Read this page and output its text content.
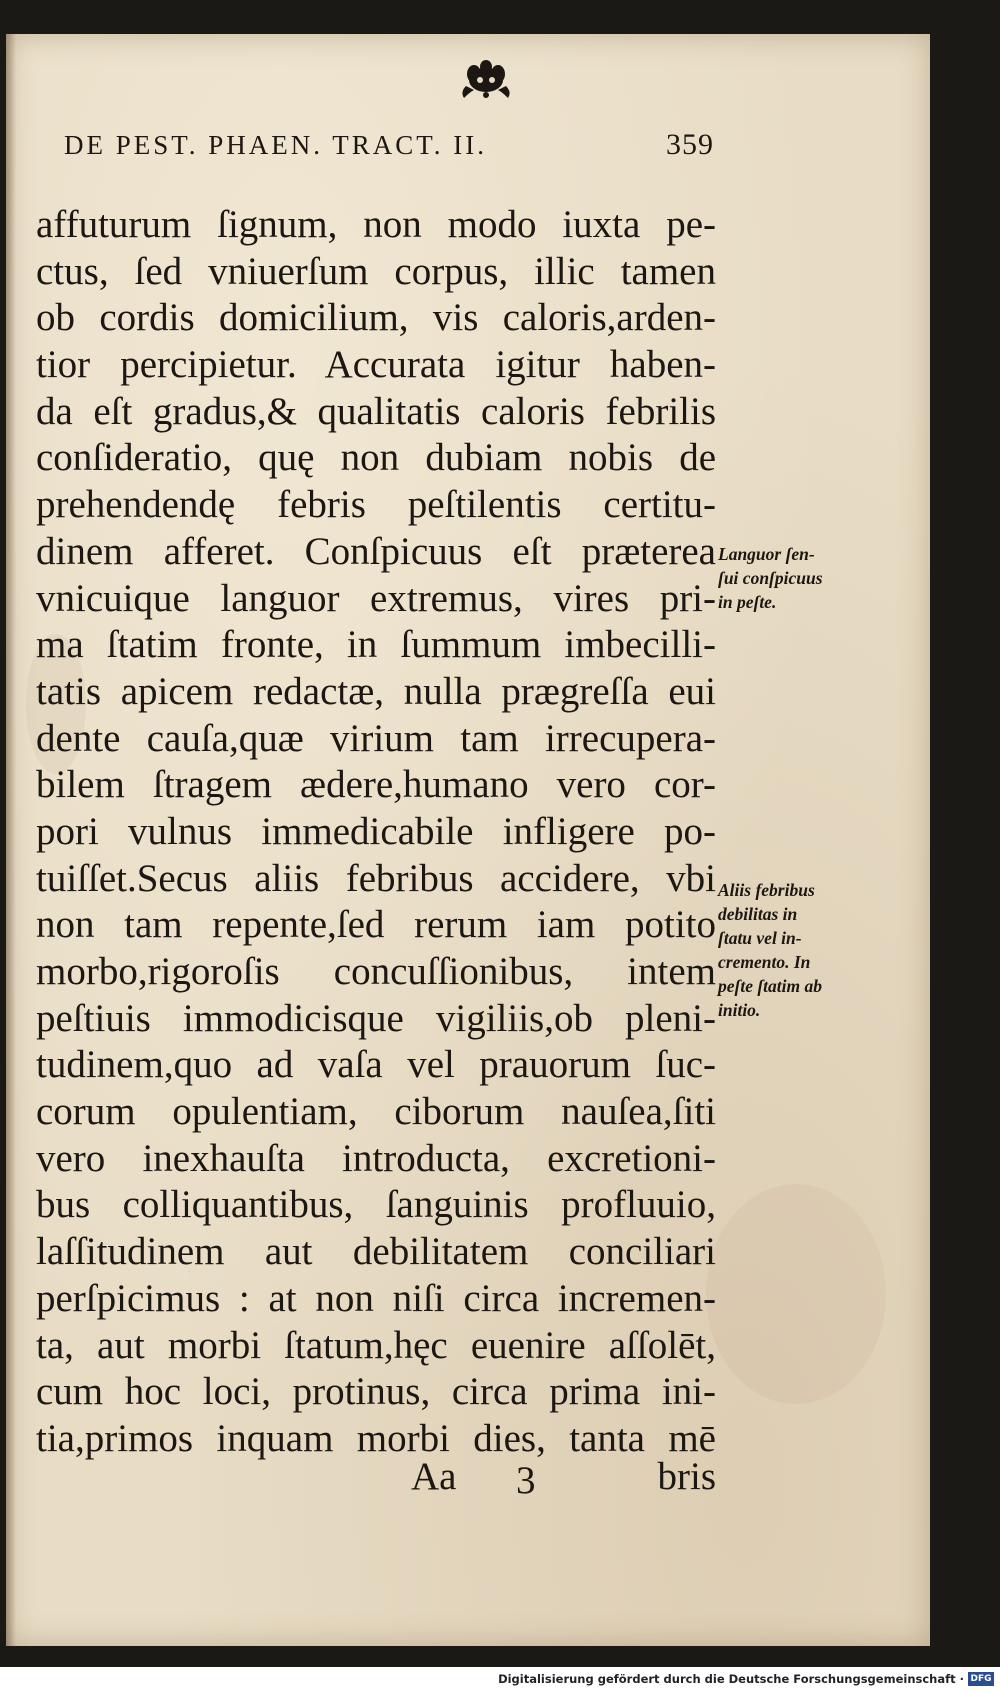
DE PEST. PHAEN. TRACT. II.	359
affuturum ſignum, non modo iuxta pe-
ctus, ſed vniuerſum corpus, illic tamen
ob cordis domicilium, vis caloris,arden-
tior percipietur. Accurata igitur haben-
da eſt gradus,& qualitatis caloris febrilis
conſideratio, quę non dubiam nobis de
prehendendę febris peſtilentis certitu-
dinem afferet. Conſpicuus eſt præterea
vnicuique languor extremus, vires pri-
ma ſtatim fronte, in ſummum imbecilli-
tatis apicem redactæ, nulla prægreſſa eui
dente cauſa,quæ virium tam irrecupera-
bilem ſtragem ædere,humano vero cor-
pori vulnus immedicabile infligere po-
tuiſſet.Secus aliis febribus accidere, vbi
non tam repente,ſed rerum iam potito
morbo,rigoroſis concuſſionibus, intem
peſtiuis immodicisque vigiliis,ob pleni-
tudinem,quo ad vaſa vel prauorum ſuc-
corum opulentiam, ciborum nauſea,ſiti
vero inexhauſta introducta, excretioni-
bus colliquantibus, ſanguinis profluuio,
laſſitudinem aut debilitatem conciliari
perſpicimus : at non niſi circa incremen-
ta, aut morbi ſtatum,hęc euenire aſſolēt,
cum hoc loci, protinus, circa prima ini-
tia,primos inquam morbi dies, tanta mē
Aa 3	bris
Languor ſen-
ſui conſpicuus
in peſte.
Aliis febribus
debilitas in
ſtatu vel in-
cremento. In
peſte ſtatim ab
initio.
Digitalisierung gefördert durch die Deutsche Forschungsgemeinschaft · DFG
